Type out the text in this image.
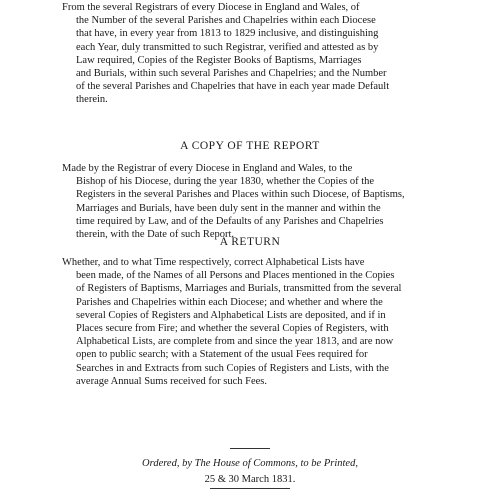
From the several Registrars of every Diocese in England and Wales, of
the Number of the several Parishes and Chapelries within each Diocese
that have, in every year from 1813 to 1829 inclusive, and distinguishing
each Year, duly transmitted to such Registrar, verified and attested as by
Law required, Copies of the Register Books of Baptisms, Marriages
and Burials, within such several Parishes and Chapelries; and the Number
of the several Parishes and Chapelries that have in each year made Default
therein.
A COPY OF THE REPORT
Made by the Registrar of every Diocese in England and Wales, to the
Bishop of his Diocese, during the year 1830, whether the Copies of the
Registers in the several Parishes and Places within such Diocese, of Baptisms,
Marriages and Burials, have been duly sent in the manner and within the
time required by Law, and of the Defaults of any Parishes and Chapelries
therein, with the Date of such Report.
A RETURN
Whether, and to what Time respectively, correct Alphabetical Lists have
been made, of the Names of all Persons and Places mentioned in the Copies
of Registers of Baptisms, Marriages and Burials, transmitted from the several
Parishes and Chapelries within each Diocese; and whether and where the
several Copies of Registers and Alphabetical Lists are deposited, and if in
Places secure from Fire; and whether the several Copies of Registers, with
Alphabetical Lists, are complete from and since the year 1813, and are now
open to public search; with a Statement of the usual Fees required for
Searches in and Extracts from such Copies of Registers and Lists, with the
average Annual Sums received for such Fees.
Ordered, by The House of Commons, to be Printed,
25 & 30 March 1831.
